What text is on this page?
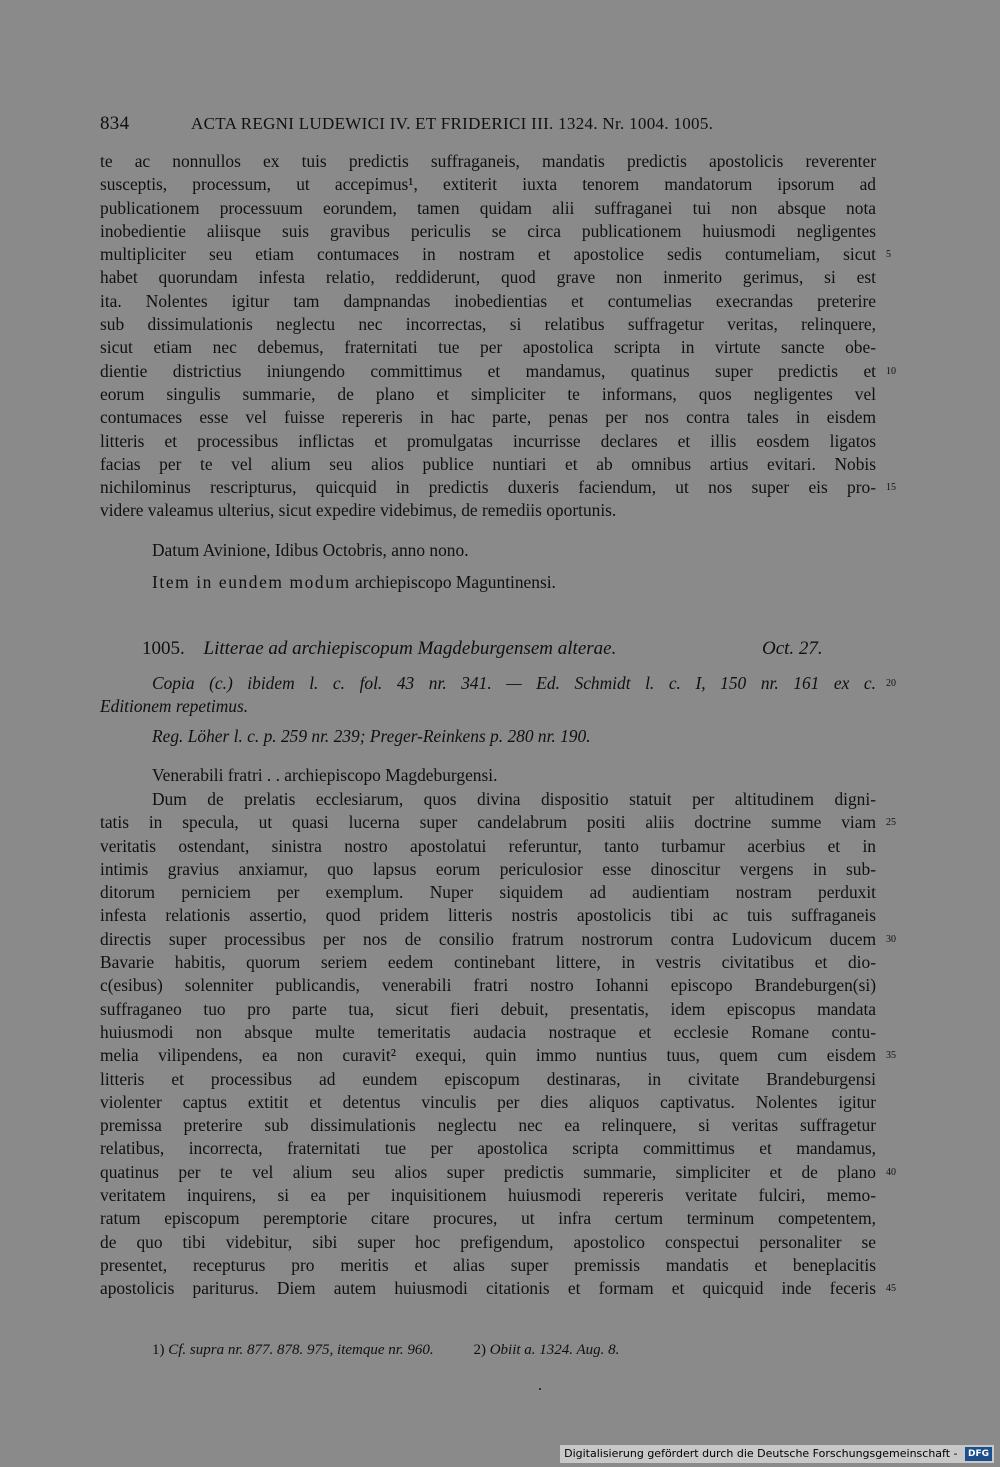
834	ACTA REGNI LUDEWICI IV. ET FRIDERICI III. 1324. Nr. 1004. 1005.
te ac nonnullos ex tuis predictis suffraganeis, mandatis predictis apostolicis reverenter
susceptis, processum, ut accepimus¹, extiterit iuxta tenorem mandatorum ipsorum ad
publicationem processuum eorundem, tamen quidam alii suffraganei tui non absque nota
inobedientie aliisque suis gravibus periculis se circa publicationem huiusmodi negligentes
multipliciter seu etiam contumaces in nostram et apostolice sedis contumeliam, sicut 5
habet quorundam infesta relatio, reddiderunt, quod grave non inmerito gerimus, si est
ita. Nolentes igitur tam dampnandas inobedientias et contumelias execrandas preterire
sub dissimulationis neglectu nec incorrectas, si relatibus suffragetur veritas, relinquere,
sicut etiam nec debemus, fraternitati tue per apostolica scripta in virtute sancte obe-
dientie districtius iniungendo committimus et mandamus, quatinus super predictis et 10
eorum singulis summarie, de plano et simpliciter te informans, quos negligentes vel
contumaces esse vel fuisse repereris in hac parte, penas per nos contra tales in eisdem
litteris et processibus inflictas et promulgatas incurrisse declares et illis eosdem ligatos
facias per te vel alium seu alios publice nuntiari et ab omnibus artius evitari. Nobis
nichilominus rescripturus, quicquid in predictis duxeris faciendum, ut nos super eis pro- 15
videre valeamus ulterius, sicut expedire videbimus, de remediis oportunis.
Datum Avinione, Idibus Octobris, anno nono.
Item in eundem modum archiepiscopo Maguntinensi.
1005. Litterae ad archiepiscopum Magdeburgensem alterae.	Oct. 27.
Copia (c.) ibidem l. c. fol. 43 nr. 341. — Ed. Schmidt l. c. I, 150 nr. 161 ex c. 20
Editionem repetimus.
Reg. Löher l. c. p. 259 nr. 239; Preger-Reinkens p. 280 nr. 190.
Venerabili fratri . . archiepiscopo Magdeburgensi.
Dum de prelatis ecclesiarum, quos divina dispositio statuit per altitudinem digni-
tatis in specula, ut quasi lucerna super candelabrum positi aliis doctrine summe viam 25
veritatis ostendant, sinistra nostro apostolatui referuntur, tanto turbamur acerbius et in
intimis gravius anxiamur, quo lapsus eorum periculosior esse dinoscitur vergens in sub-
ditorum perniciem per exemplum. Nuper siquidem ad audientiam nostram perduxit
infesta relationis assertio, quod pridem litteris nostris apostolicis tibi ac tuis suffraganeis
directis super processibus per nos de consilio fratrum nostrorum contra Ludovicum ducem 30
Bavarie habitis, quorum seriem eedem continebant littere, in vestris civitatibus et dio-
c(esibus) solenniter publicandis, venerabili fratri nostro Iohanni episcopo Brandeburgen(si)
suffraganeo tuo pro parte tua, sicut fieri debuit, presentatis, idem episcopus mandata
huiusmodi non absque multe temeritatis audacia nostraque et ecclesie Romane contu-
melia vilipendens, ea non curavit² exequi, quin immo nuntius tuus, quem cum eisdem 35
litteris et processibus ad eundem episcopum destinaras, in civitate Brandeburgensi
violenter captus extitit et detentus vinculis per dies aliquos captivatus. Nolentes igitur
premissa preterire sub dissimulationis neglectu nec ea relinquere, si veritas suffragetur
relatibus, incorrecta, fraternitati tue per apostolica scripta committimus et mandamus,
quatinus per te vel alium seu alios super predictis summarie, simpliciter et de plano 40
veritatem inquirens, si ea per inquisitionem huiusmodi repereris veritate fulciri, memo-
ratum episcopum peremptorie citare procures, ut infra certum terminum competentem,
de quo tibi videbitur, sibi super hoc prefigendum, apostolico conspectui personaliter se
presentet, recepturus pro meritis et alias super premissis mandatis et beneplacitis
apostolicis pariturus. Diem autem huiusmodi citationis et formam et quicquid inde feceris 45
1) Cf. supra nr. 877. 878. 975, itemque nr. 960.	2) Obiit a. 1324. Aug. 8.
Digitalisierung gefördert durch die Deutsche Forschungsgemeinschaft - DFG
